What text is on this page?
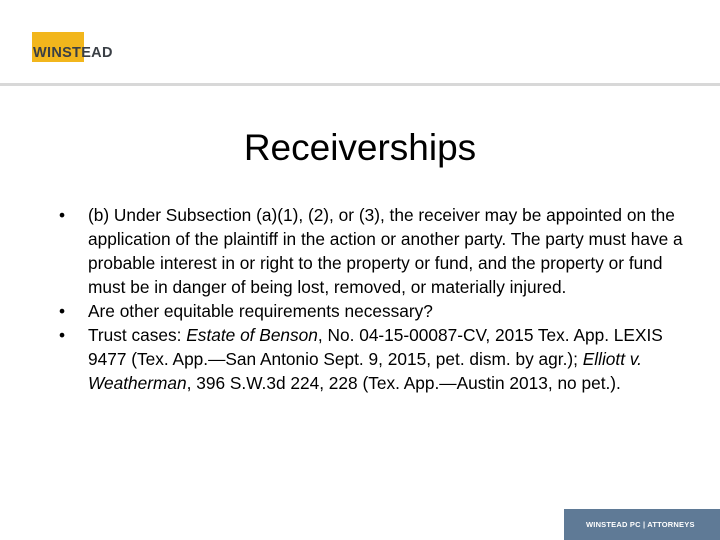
WINSTEAD
Receiverships
• (b) Under Subsection (a)(1), (2), or (3), the receiver may be appointed on the application of the plaintiff in the action or another party. The party must have a probable interest in or right to the property or fund, and the property or fund must be in danger of being lost, removed, or materially injured.
• Are other equitable requirements necessary?
• Trust cases: Estate of Benson, No. 04-15-00087-CV, 2015 Tex. App. LEXIS 9477 (Tex. App.—San Antonio Sept. 9, 2015, pet. dism. by agr.); Elliott v. Weatherman, 396 S.W.3d 224, 228 (Tex. App.—Austin 2013, no pet.).
WINSTEAD PC | ATTORNEYS
